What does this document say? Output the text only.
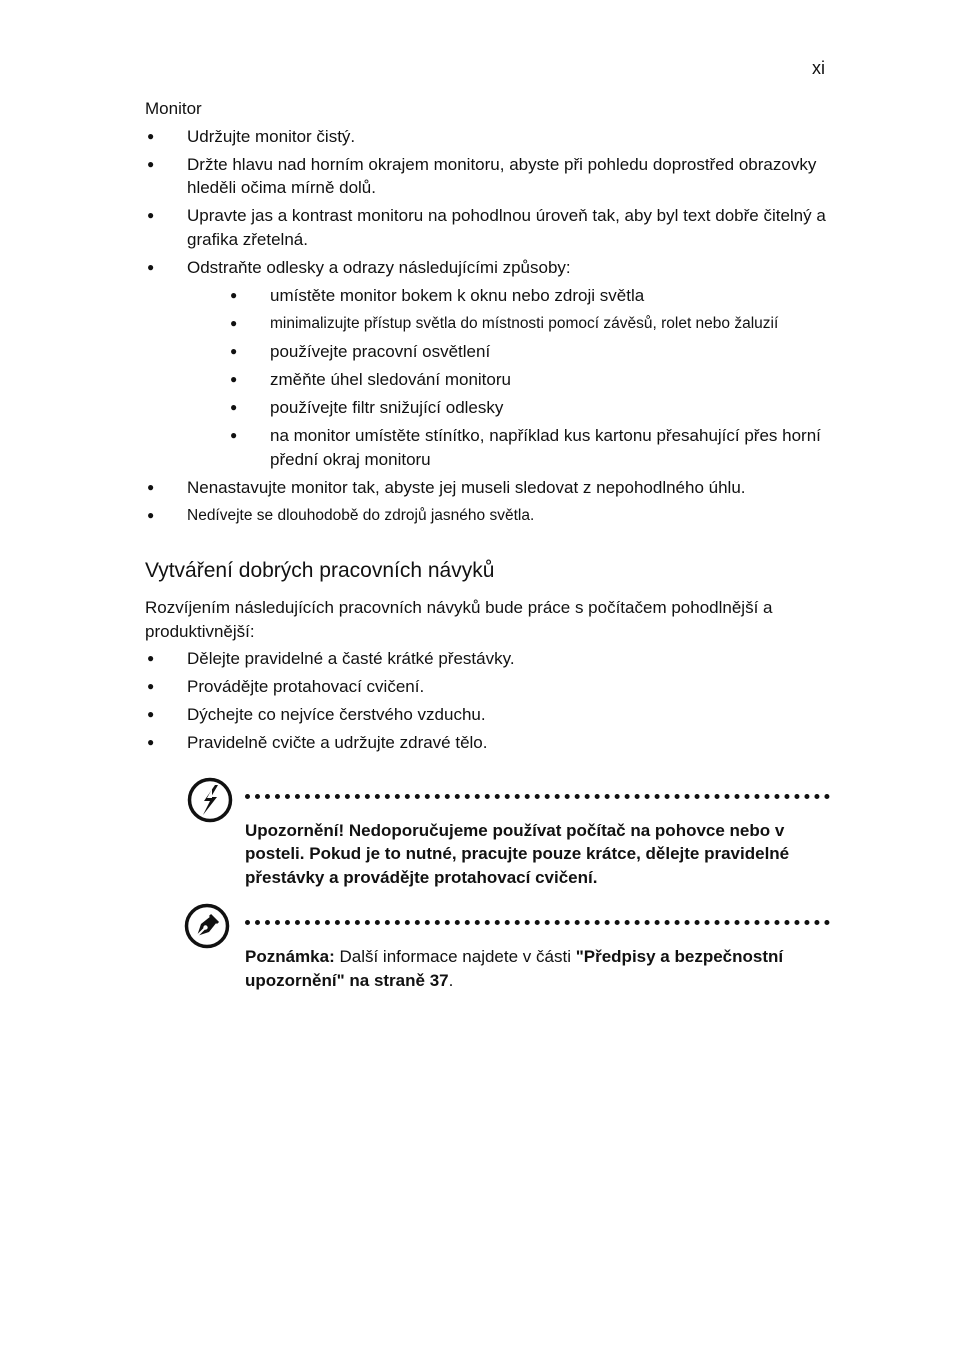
xi
Monitor
● Udržujte monitor čistý.
● Držte hlavu nad horním okrajem monitoru, abyste při pohledu doprostřed obrazovky hleděli očima mírně dolů.
● Upravte jas a kontrast monitoru na pohodlnou úroveň tak, aby byl text dobře čitelný a grafika zřetelná.
● Odstraňte odlesky a odrazy následujícími způsoby:
● umístěte monitor bokem k oknu nebo zdroji světla
● minimalizujte přístup světla do místnosti pomocí závěsů, rolet nebo žaluzií
● používejte pracovní osvětlení
● změňte úhel sledování monitoru
● používejte filtr snižující odlesky
● na monitor umístěte stínítko, například kus kartonu přesahující přes horní přední okraj monitoru
● Nenastavujte monitor tak, abyste jej museli sledovat z nepohodlného úhlu.
● Nedívejte se dlouhodobě do zdrojů jasného světla.
Vytváření dobrých pracovních návyků

Rozvíjením následujících pracovních návyků bude práce s počítačem pohodlnější a produktivnější:

● Dělejte pravidelné a časté krátké přestávky.
● Provádějte protahovací cvičení.
● Dýchejte co nejvíce čerstvého vzduchu.
● Pravidelně cvičte a udržujte zdravé tělo.
Upozornění! Nedoporučujeme používat počítač na pohovce nebo v posteli. Pokud je to nutné, pracujte pouze krátce, dělejte pravidelné přestávky a provádějte protahovací cvičení.
Poznámka: Další informace najdete v části "Předpisy a bezpečnostní upozornění" na straně 37.
